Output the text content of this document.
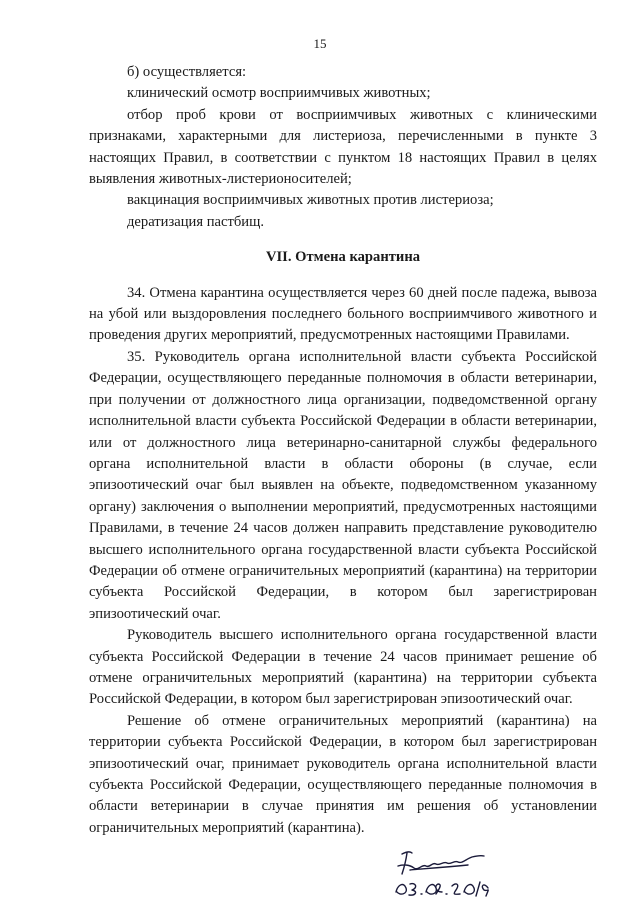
15

б) осуществляется:

клинический осмотр восприимчивых животных;

отбор проб крови от восприимчивых животных с клиническими признаками, характерными для листериоза, перечисленными в пункте 3 настоящих Правил, в соответствии с пунктом 18 настоящих Правил в целях выявления животных-листерионосителей;

вакцинация восприимчивых животных против листериоза;

дератизация пастбищ.

VII. Отмена карантина

34. Отмена карантина осуществляется через 60 дней после падежа, вывоза на убой или выздоровления последнего больного восприимчивого животного и проведения других мероприятий, предусмотренных настоящими Правилами.

35. Руководитель органа исполнительной власти субъекта Российской Федерации, осуществляющего переданные полномочия в области ветеринарии, при получении от должностного лица организации, подведомственной органу исполнительной власти субъекта Российской Федерации в области ветеринарии, или от должностного лица ветеринарно-санитарной службы федерального органа исполнительной власти в области обороны (в случае, если эпизоотический очаг был выявлен на объекте, подведомственном указанному органу) заключения о выполнении мероприятий, предусмотренных настоящими Правилами, в течение 24 часов должен направить представление руководителю высшего исполнительного органа государственной власти субъекта Российской Федерации об отмене ограничительных мероприятий (карантина) на территории субъекта Российской Федерации, в котором был зарегистрирован эпизоотический очаг.

Руководитель высшего исполнительного органа государственной власти субъекта Российской Федерации в течение 24 часов принимает решение об отмене ограничительных мероприятий (карантина) на территории субъекта Российской Федерации, в котором был зарегистрирован эпизоотический очаг.

Решение об отмене ограничительных мероприятий (карантина) на территории субъекта Российской Федерации, в котором был зарегистрирован эпизоотический очаг, принимает руководитель органа исполнительной власти субъекта Российской Федерации, осуществляющего переданные полномочия в области ветеринарии в случае принятия им решения об установлении ограничительных мероприятий (карантина).
